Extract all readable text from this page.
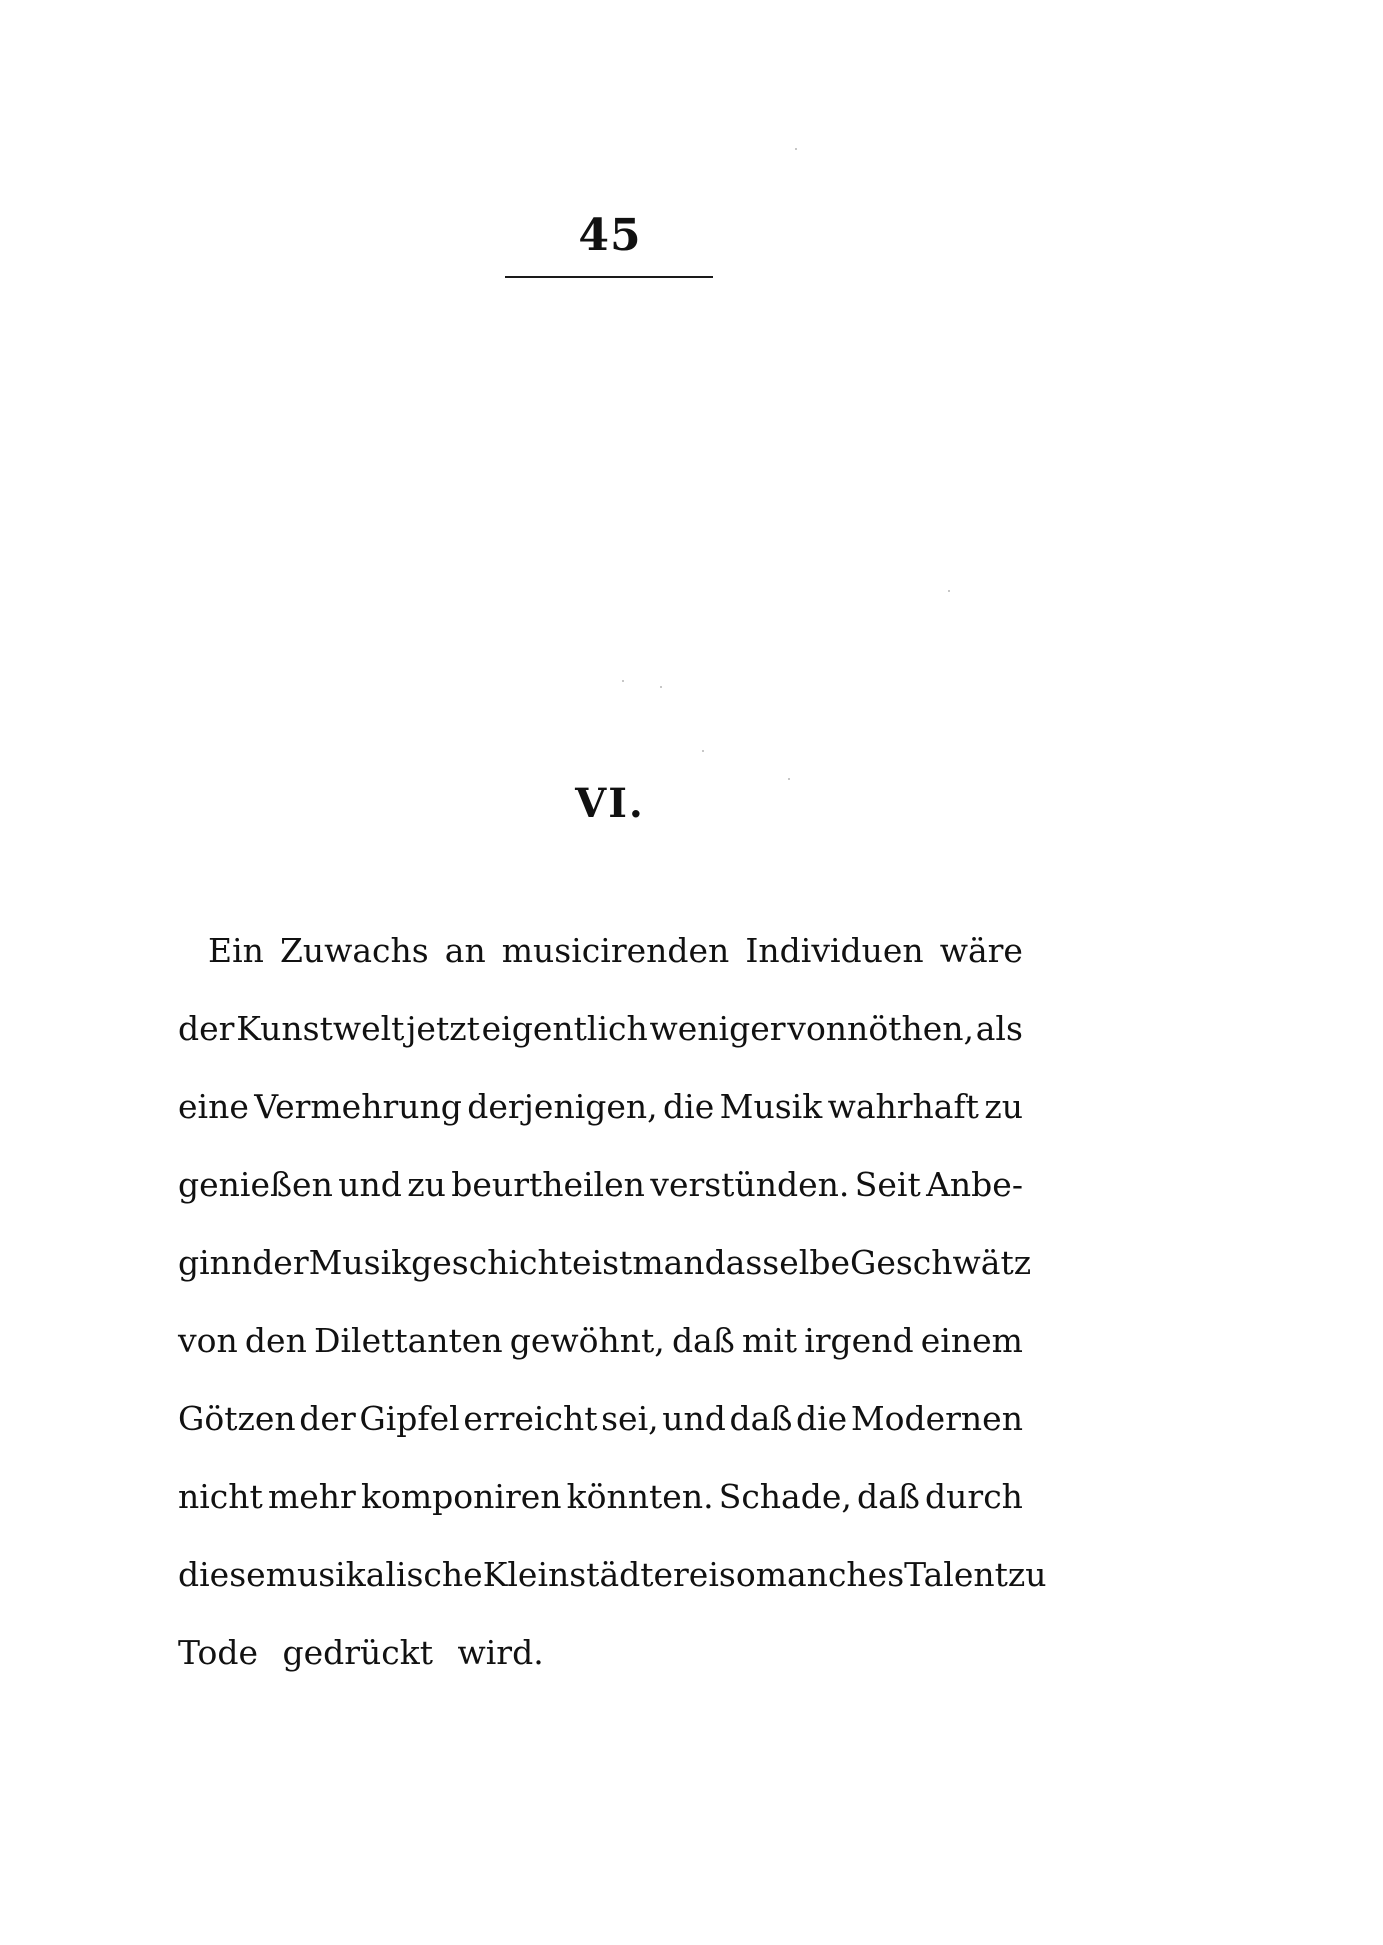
45
VI.
Ein Zuwachs an musicirenden Individuen wäre
der Kunstwelt jetzt eigentlich weniger vonnöthen, als
eine Vermehrung derjenigen, die Musik wahrhaft zu
genießen und zu beurtheilen verstünden. Seit Anbe-
ginn der Musikgeschichte ist man dasselbe Geschwätz
von den Dilettanten gewöhnt, daß mit irgend einem
Götzen der Gipfel erreicht sei, und daß die Modernen
nicht mehr komponiren könnten. Schade, daß durch
diese musikalische Kleinstädterei so manches Talent zu
Tode gedrückt wird.
